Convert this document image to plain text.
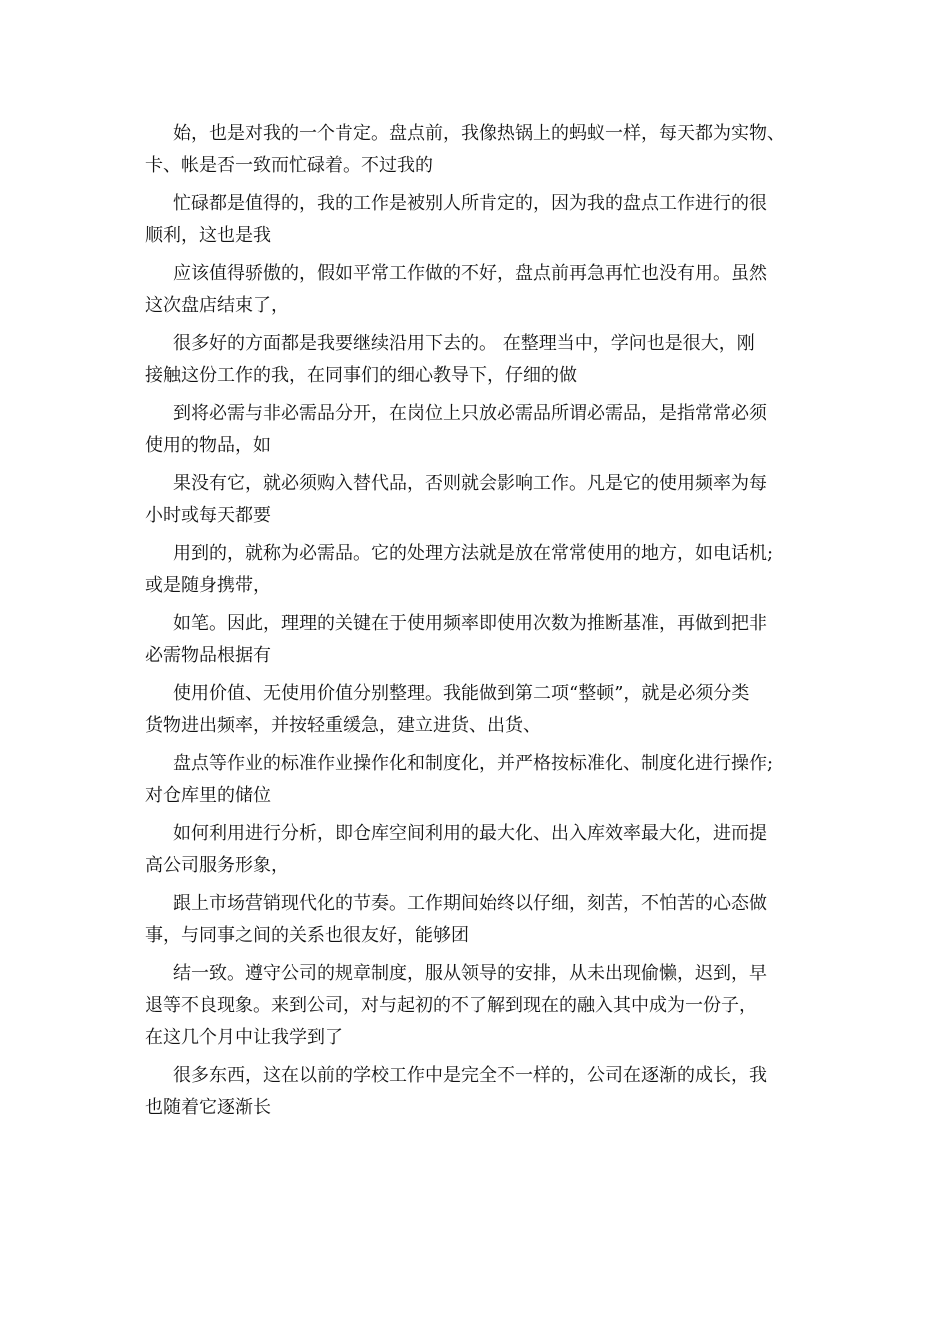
始，也是对我的一个肯定。盘点前，我像热锅上的蚂蚁一样，每天都为实物、
卡、帐是否一致而忙碌着。不过我的
忙碌都是值得的，我的工作是被别人所肯定的，因为我的盘点工作进行的很
顺利，这也是我
应该值得骄傲的，假如平常工作做的不好，盘点前再急再忙也没有用。虽然
这次盘店结束了，
很多好的方面都是我要继续沿用下去的。 在整理当中，学问也是很大，刚
接触这份工作的我，在同事们的细心教导下，仔细的做
到将必需与非必需品分开，在岗位上只放必需品所谓必需品，是指常常必须
使用的物品，如
果没有它，就必须购入替代品，否则就会影响工作。凡是它的使用频率为每
小时或每天都要
用到的，就称为必需品。它的处理方法就是放在常常使用的地方，如电话机;
或是随身携带，
如笔。因此，理理的关键在于使用频率即使用次数为推断基准，再做到把非
必需物品根据有
使用价值、无使用价值分别整理。我能做到第二项“整顿”，就是必须分类
货物进出频率，并按轻重缓急，建立进货、出货、
盘点等作业的标准作业操作化和制度化，并严格按标准化、制度化进行操作;
对仓库里的储位
如何利用进行分析，即仓库空间利用的最大化、出入库效率最大化，进而提
高公司服务形象，
跟上市场营销现代化的节奏。工作期间始终以仔细，刻苦，不怕苦的心态做
事，与同事之间的关系也很友好，能够团
结一致。遵守公司的规章制度，服从领导的安排，从未出现偷懒，迟到，早
退等不良现象。来到公司，对与起初的不了解到现在的融入其中成为一份子，
在这几个月中让我学到了
很多东西，这在以前的学校工作中是完全不一样的，公司在逐渐的成长，我
也随着它逐渐长
